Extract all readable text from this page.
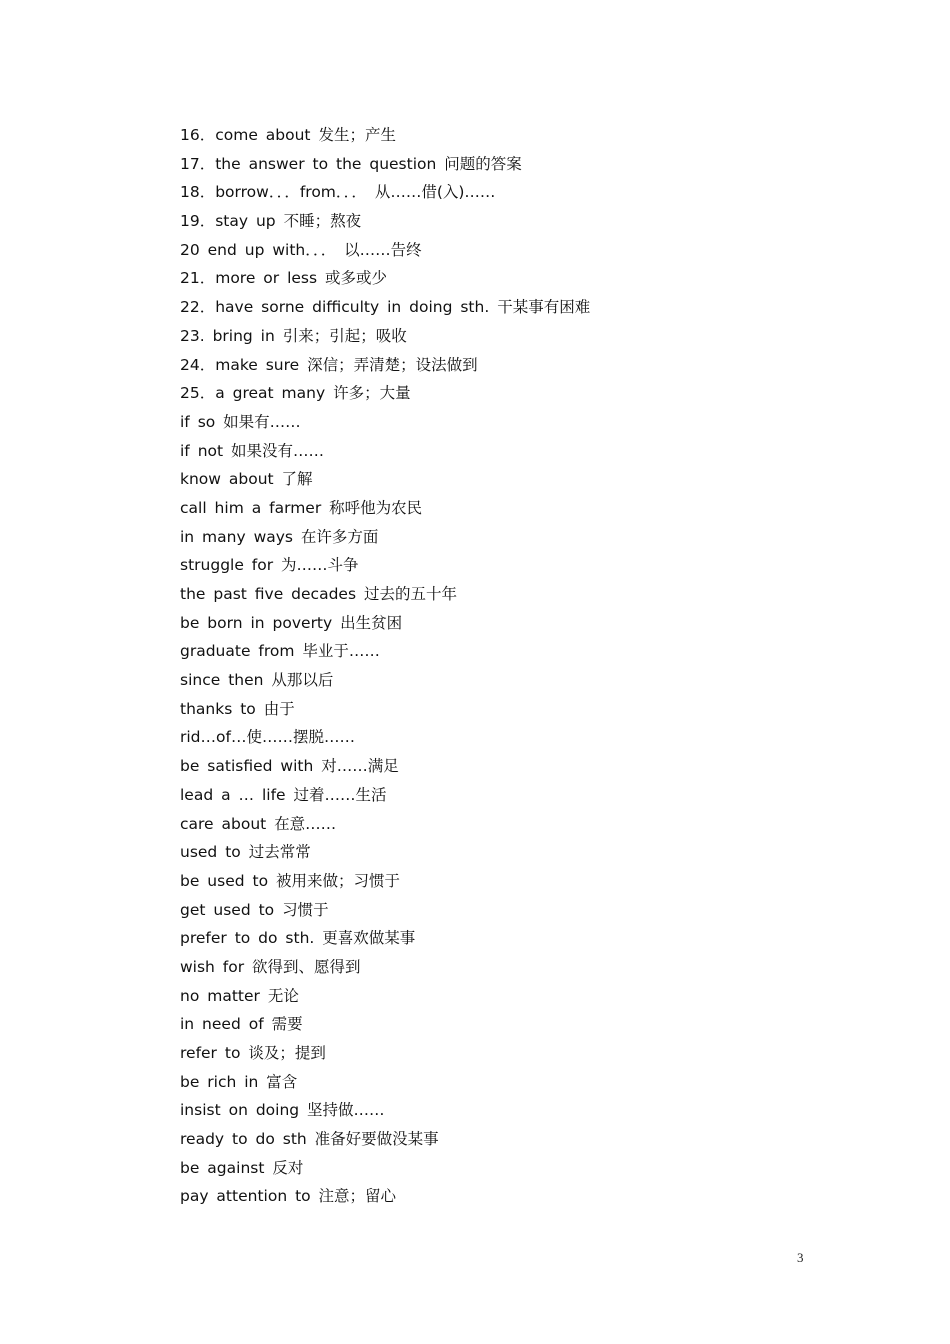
16．come about 发生；产生
17．the answer to the question 问题的答案
18．borrow．．．from．．． 从……借(入)……
19．stay up 不睡；熬夜
20 end up with．．． 以……告终
21．more or less 或多或少
22．have sorne difficulty in doing sth. 干某事有困难
23. bring in 引来；引起；吸收
24．make sure 深信；弄清楚；设法做到
25．a great many 许多；大量
if so 如果有……
if not 如果没有……
know about 了解
call him a farmer 称呼他为农民
in many ways 在许多方面
struggle for 为……斗争
the past five decades 过去的五十年
be born in poverty 出生贫困
graduate from 毕业于……
since then 从那以后
thanks to 由于
rid…of…使……摆脱……
be satisfied with 对……满足
lead a … life 过着……生活
care about 在意……
used to 过去常常
be used to 被用来做；习惯于
get used to 习惯于
prefer to do sth. 更喜欢做某事
wish for 欲得到、愿得到
no matter 无论
in need of 需要
refer to 谈及；提到
be rich in 富含
insist on doing 坚持做……
ready to do sth 准备好要做没某事
be against 反对
pay attention to 注意；留心
3
